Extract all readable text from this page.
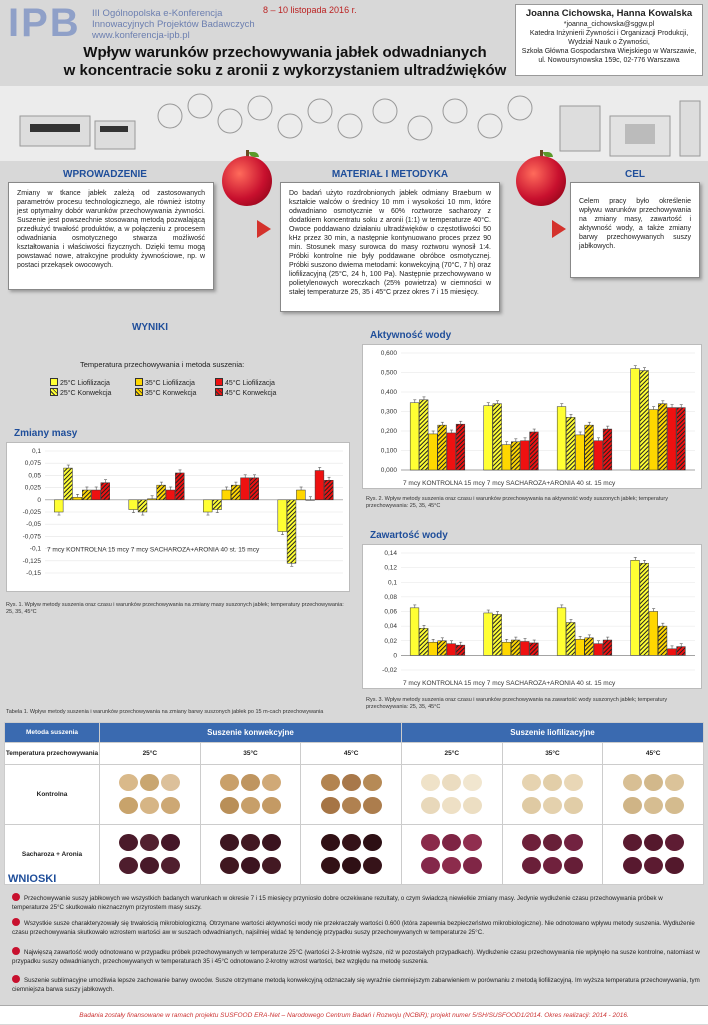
IPB	III Ogólnopolska e-Konferencja
Innowacyjnych Projektów Badawczych
www.konferencja-ipb.pl
8 – 10 listopada 2016 r.
Wpływ warunków przechowywania jabłek odwadnianych
w koncentracie soku z aronii z wykorzystaniem ultradźwięków
Joanna Cichowska, Hanna Kowalska
*joanna_cichowska@sggw.pl
Katedra Inżynierii Żywności i Organizacji Produkcji,
Wydział Nauk o Żywności,
Szkoła Główna Gospodarstwa Wiejskiego w Warszawie,
ul. Nowoursynowska 159c, 02-776 Warszawa
WPROWADZENIE
Zmiany w tkance jabłek zależą od zastosowanych parametrów procesu technologicznego, ale również istotny jest optymalny dobór warunków przechowywania żywności. Suszenie jest powszechnie stosowaną metodą pozwalającą przedłużyć trwałość produktów, a w połączeniu z procesem odwadniania osmotycznego stwarza możliwość kształtowania i właściwości fizycznych. Dzięki temu mogą powstawać nowe, atrakcyjne produkty żywnościowe, np. w postaci przekąsek owocowych.
MATERIAŁ I METODYKA
Do badań użyto rozdrobnionych jabłek odmiany Braeburn w kształcie walców o średnicy 10 mm i wysokości 10 mm, które odwadniano osmotycznie w 60% roztworze sacharozy z dodatkiem koncentratu soku z aronii (1:1) w temperaturze 40°C. Owoce poddawano działaniu ultradźwięków o częstotliwości 50 kHz przez 30 min, a następnie kontynuowano proces przez 90 min. Stosunek masy surowca do masy roztworu wynosił 1:4. Próbki kontrolne nie były poddawane obróbce osmotycznej. Próbki suszono dwiema metodami: konwekcyjną (70°C, 7 h) oraz liofilizacyjną (25°C, 24 h, 100 Pa). Następnie przechowywano w polietylenowych woreczkach (25% powietrza) w ciemności w stałej temperaturze 25, 35 i 45°C przez okres 7 i 15 miesięcy.
CEL
Celem pracy było określenie wpływu warunków przechowywania na zmiany masy, zawartość i aktywność wody, a także zmiany barwy przechowywanych suszy jabłkowych.
WYNIKI
Temperatura przechowywania i metoda suszenia:
25°C Liofilizacja	35°C Liofilizacja	45°C Liofilizacja
25°C Konwekcja	35°C Konwekcja	45°C Konwekcja
Zmiany masy
0,1
0,075
0,05
0,025
0
-0,025
-0,05
-0,075
-0,1
-0,125
-0,15
7 mcy KONTROLNA 15 mcy 7 mcy SACHAROZA+ARONIA 40 st. 15 mcy
Rys. 1. Wpływ metody suszenia oraz czasu i warunków przechowywania na zmiany masy suszonych jabłek; temperatury przechowywania: 25, 35, 45°C
Aktywność wody
0,600
0,500
0,400
0,300
0,200
0,100
0,000
7 mcy KONTROLNA 15 mcy 7 mcy SACHAROZA+ARONIA 40 st. 15 mcy
Rys. 2. Wpływ metody suszenia oraz czasu i warunków przechowywania na aktywność wody suszonych jabłek; temperatury przechowywania: 25, 35, 45°C
Zawartość wody
0,14
0,12
0,1
0,08
0,06
0,04
0,02
0
-0,02
7 mcy KONTROLNA 15 mcy 7 mcy SACHAROZA+ARONIA 40 st. 15 mcy
Rys. 3. Wpływ metody suszenia oraz czasu i warunków przechowywania na zawartość wody suszonych jabłek; temperatury przechowywania: 25, 35, 45°C
Tabela 1. Wpływ metody suszenia i warunków przechowywania na zmiany barwy suszonych jabłek po 15 m-cach przechowywania
Metoda suszenia	Suszenie konwekcyjne			Suszenie liofilizacyjne		
Temperatura przechowywania	25°C	35°C	45°C	25°C	35°C	45°C
Kontrolna	

Sacharoza + Aronia	

WNIOSKI
Przechowywanie suszy jabłkowych we wszystkich badanych warunkach w okresie 7 i 15 miesięcy przyniosło dobre oczekiwane rezultaty, o czym świadczą niewielkie zmiany masy. Jedynie wydłużenie czasu przechowywania próbek w temperaturze 25°C skutkowało nieznacznym przyrostem masy suszy.
Wszystkie susze charakteryzowały się trwałością mikrobiologiczną. Otrzymane wartości aktywności wody nie przekraczały wartości 0.600 (która zapewnia bezpieczeństwo mikrobiologiczne). Nie odnotowano wpływu metody suszenia. Wydłużenie czasu przechowywania skutkowało wzrostem wartości aw w suszach odwadnianych, najsilniej widać tę tendencję przypadku suszy przechowywanych w temperaturze 25°C.
Najwięszą zawartość wody odnotowano w przypadku próbek przechowywanych w temperaturze 25°C (wartości 2-3-krotnie wyższe, niż w pozostałych przypadkach). Wydłużenie czasu przechowywania nie wpłynęło na susze kontrolne, natomiast w przypadku suszy odwadnianych, przechowywanych w temperaturach 35 i 45°C odnotowano 2-krotny wzrost wartości, bez względu na metodę suszenia.
Suszenie sublimacyjne umożliwia lepsze zachowanie barwy owoców. Susze otrzymane metodą konwekcyjną odznaczały się wyraźnie ciemniejszym zabarwieniem w porównaniu z metodą liofilizacyjną. Im wyższa temperatura przechowywania, tym ciemniejsza barwa suszy jabłkowych.
Badania zostały finansowane w ramach projektu SUSFOOD ERA-Net – Narodowego Centrum Badań i Rozwoju (NCBiR); projekt numer 5/SH/SUSFOOD1/2014. Okres realizacji: 2014 - 2016.
